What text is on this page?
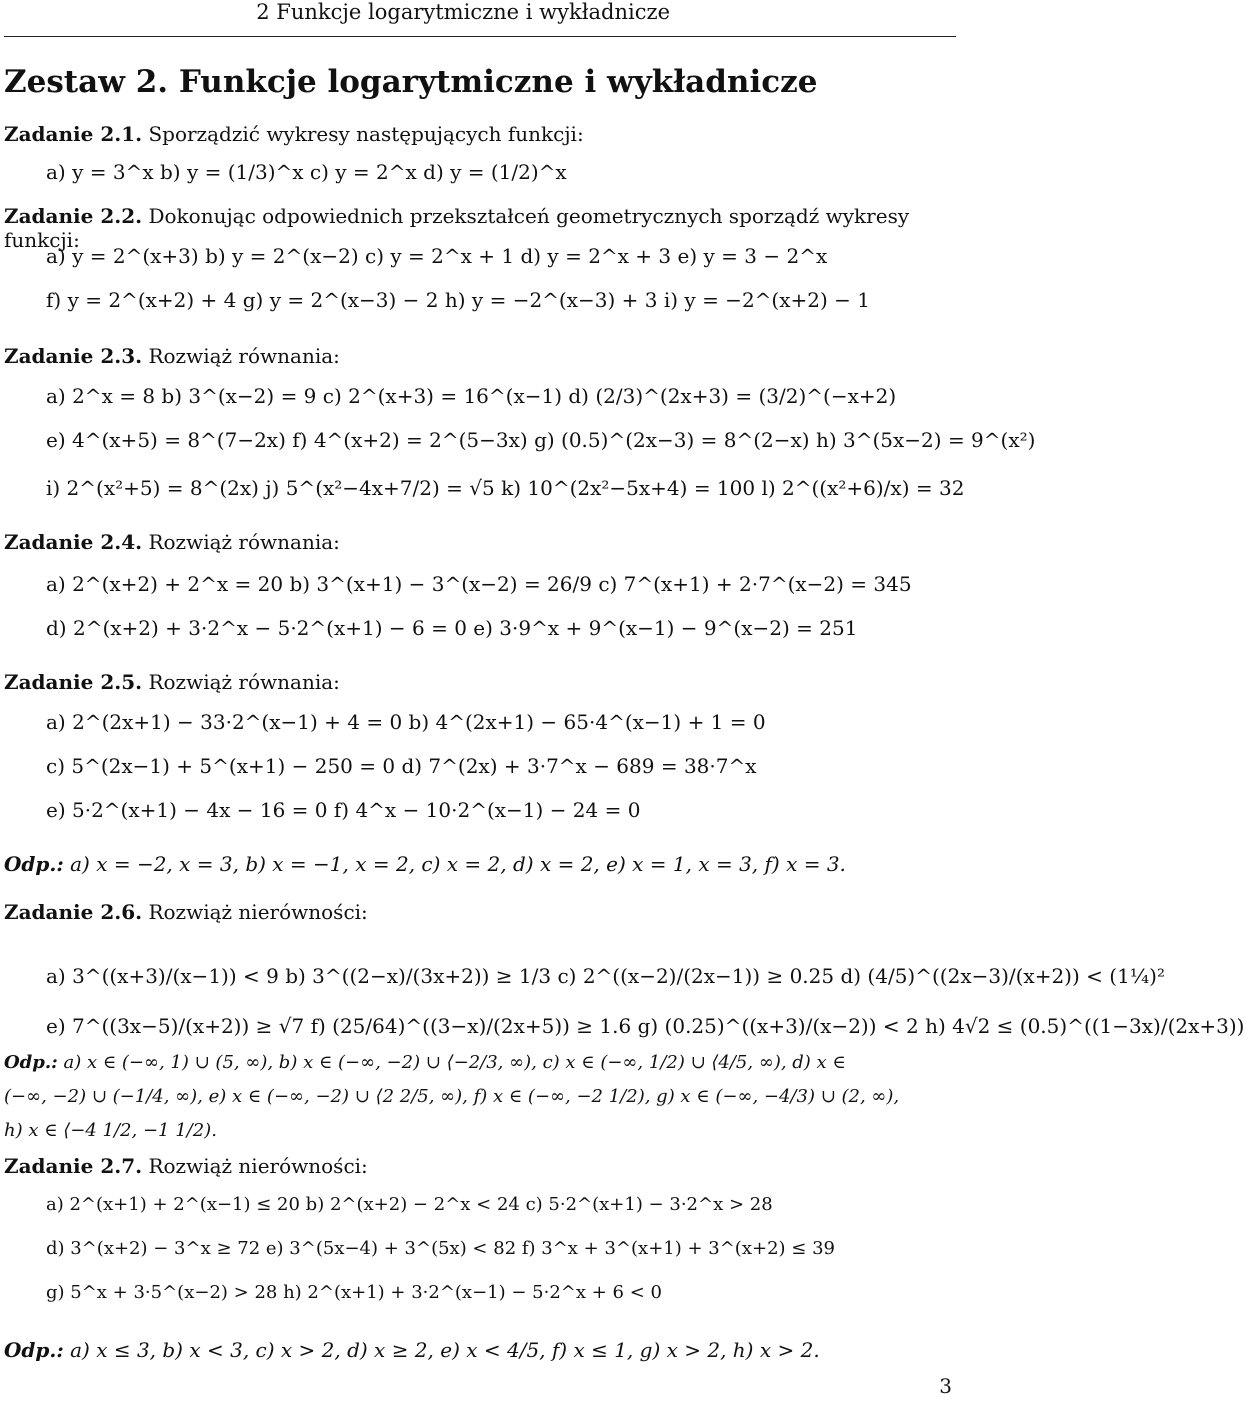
2 Funkcje logarytmiczne i wykładnicze
Zestaw 2. Funkcje logarytmiczne i wykładnicze
Zadanie 2.1. Sporządzić wykresy następujących funkcji:
a) y = 3^x b) y = (1/3)^x c) y = 2^x d) y = (1/2)^x
Zadanie 2.2. Dokonując odpowiednich przekształceń geometrycznych sporządź wykresy funkcji:
a) y = 2^(x+3) b) y = 2^(x−2) c) y = 2^x + 1 d) y = 2^x + 3 e) y = 3 − 2^x
f) y = 2^(x+2) + 4 g) y = 2^(x−3) − 2 h) y = −2^(x−3) + 3 i) y = −2^(x+2) − 1
Zadanie 2.3. Rozwiąż równania:
a) 2^x = 8 b) 3^(x−2) = 9 c) 2^(x+3) = 16^(x−1) d) (2/3)^(2x+3) = (3/2)^(−x+2)
e) 4^(x+5) = 8^(7−2x) f) 4^(x+2) = 2^(5−3x) g) (0.5)^(2x−3) = 8^(2−x) h) 3^(5x−2) = 9^(x²)
i) 2^(x²+5) = 8^(2x) j) 5^(x²−4x+7/2) = √5 k) 10^(2x²−5x+4) = 100 l) 2^((x²+6)/x) = 32
Zadanie 2.4. Rozwiąż równania:
a) 2^(x+2) + 2^x = 20 b) 3^(x+1) − 3^(x−2) = 26/9 c) 7^(x+1) + 2·7^(x−2) = 345
d) 2^(x+2) + 3·2^x − 5·2^(x+1) − 6 = 0 e) 3·9^x + 9^(x−1) − 9^(x−2) = 251
Zadanie 2.5. Rozwiąż równania:
a) 2^(2x+1) − 33·2^(x−1) + 4 = 0 b) 4^(2x+1) − 65·4^(x−1) + 1 = 0
c) 5^(2x−1) + 5^(x+1) − 250 = 0 d) 7^(2x) + 3·7^x − 689 = 38·7^x
e) 5·2^(x+1) − 4x − 16 = 0 f) 4^x − 10·2^(x−1) − 24 = 0
Odp.: a) x = −2, x = 3, b) x = −1, x = 2, c) x = 2, d) x = 2, e) x = 1, x = 3, f) x = 3.
Zadanie 2.6. Rozwiąż nierówności:
a) 3^((x+3)/(x−1)) < 9 b) 3^((2−x)/(3x+2)) ≥ 1/3 c) 2^((x−2)/(2x−1)) ≥ 0.25 d) (4/5)^((2x−3)/(x+2)) < (1¼)²
e) 7^((3x−5)/(x+2)) ≥ √7 f) (25/64)^((3−x)/(2x+5)) ≥ 1.6 g) (0.25)^((x+3)/(x−2)) < 2 h) 4√2 ≤ (0.5)^((1−3x)/(2x+3))
Odp.: a) x ∈ (−∞, 1) ∪ (5, ∞), b) x ∈ (−∞, −2) ∪ ⟨−2/3, ∞), c) x ∈ (−∞, 1/2) ∪ ⟨4/5, ∞), d) x ∈
(−∞, −2) ∪ (−1/4, ∞), e) x ∈ (−∞, −2) ∪ ⟨2 2/5, ∞), f) x ∈ (−∞, −2 1/2), g) x ∈ (−∞, −4/3) ∪ (2, ∞),
h) x ∈ ⟨−4 1/2, −1 1/2).
Zadanie 2.7. Rozwiąż nierówności:
a) 2^(x+1) + 2^(x−1) ≤ 20 b) 2^(x+2) − 2^x < 24 c) 5·2^(x+1) − 3·2^x > 28
d) 3^(x+2) − 3^x ≥ 72 e) 3^(5x−4) + 3^(5x) < 82 f) 3^x + 3^(x+1) + 3^(x+2) ≤ 39
g) 5^x + 3·5^(x−2) > 28 h) 2^(x+1) + 3·2^(x−1) − 5·2^x + 6 < 0
Odp.: a) x ≤ 3, b) x < 3, c) x > 2, d) x ≥ 2, e) x < 4/5, f) x ≤ 1, g) x > 2, h) x > 2.
3
